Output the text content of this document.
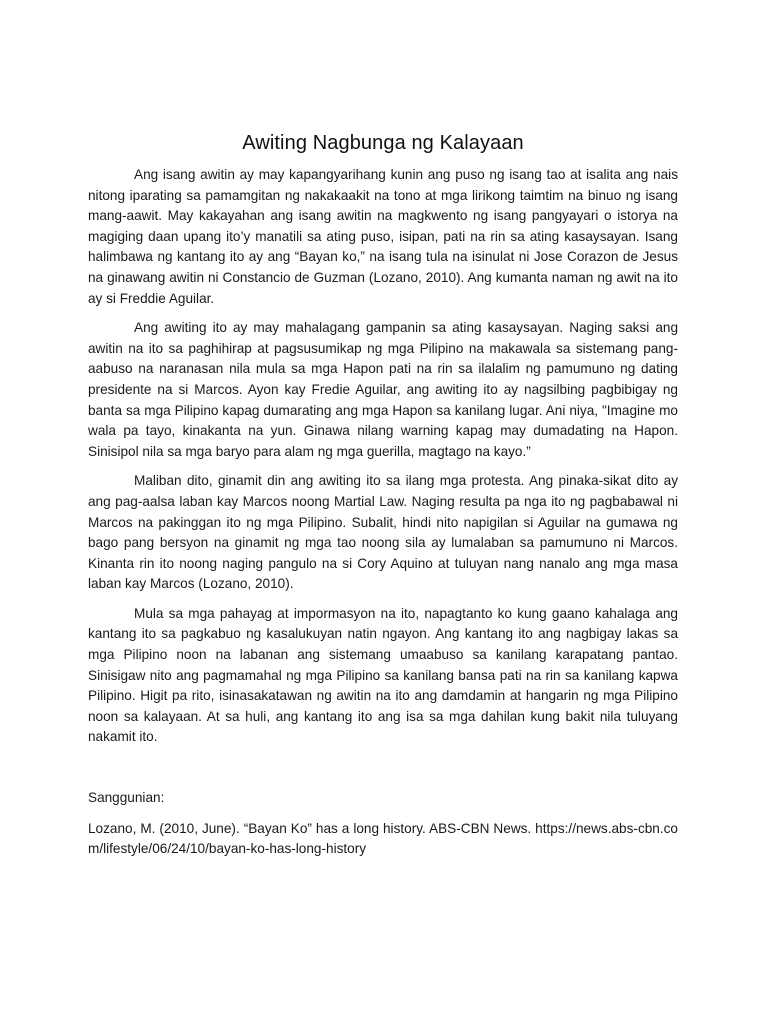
Awiting Nagbunga ng Kalayaan

Ang isang awitin ay may kapangyarihang kunin ang puso ng isang tao at isalita ang nais nitong iparating sa pamamgitan ng nakakaakit na tono at mga lirikong taimtim na binuo ng isang mang-aawit. May kakayahan ang isang awitin na magkwento ng isang pangyayari o istorya na magiging daan upang ito’y manatili sa ating puso, isipan, pati na rin sa ating kasaysayan. Isang halimbawa ng kantang ito ay ang “Bayan ko,” na isang tula na isinulat ni Jose Corazon de Jesus na ginawang awitin ni Constancio de Guzman (Lozano, 2010). Ang kumanta naman ng awit na ito ay si Freddie Aguilar.

Ang awiting ito ay may mahalagang gampanin sa ating kasaysayan. Naging saksi ang awitin na ito sa paghihirap at pagsusumikap ng mga Pilipino na makawala sa sistemang pang-aabuso na naranasan nila mula sa mga Hapon pati na rin sa ilalalim ng pamumuno ng dating presidente na si Marcos. Ayon kay Fredie Aguilar, ang awiting ito ay nagsilbing pagbibigay ng banta sa mga Pilipino kapag dumarating ang mga Hapon sa kanilang lugar. Ani niya, "Imagine mo wala pa tayo, kinakanta na yun. Ginawa nilang warning kapag may dumadating na Hapon. Sinisipol nila sa mga baryo para alam ng mga guerilla, magtago na kayo.”

Maliban dito, ginamit din ang awiting ito sa ilang mga protesta. Ang pinaka-sikat dito ay ang pag-aalsa laban kay Marcos noong Martial Law. Naging resulta pa nga ito ng pagbabawal ni Marcos na pakinggan ito ng mga Pilipino. Subalit, hindi nito napigilan si Aguilar na gumawa ng bago pang bersyon na ginamit ng mga tao noong sila ay lumalaban sa pamumuno ni Marcos. Kinanta rin ito noong naging pangulo na si Cory Aquino at tuluyan nang nanalo ang mga masa laban kay Marcos (Lozano, 2010).

Mula sa mga pahayag at impormasyon na ito, napagtanto ko kung gaano kahalaga ang kantang ito sa pagkabuo ng kasalukuyan natin ngayon. Ang kantang ito ang nagbigay lakas sa mga Pilipino noon na labanan ang sistemang umaabuso sa kanilang karapatang pantao. Sinisigaw nito ang pagmamahal ng mga Pilipino sa kanilang bansa pati na rin sa kanilang kapwa Pilipino. Higit pa rito, isinasakatawan ng awitin na ito ang damdamin at hangarin ng mga Pilipino noon sa kalayaan. At sa huli, ang kantang ito ang isa sa mga dahilan kung bakit nila tuluyang nakamit ito.

Sanggunian:

Lozano, M. (2010, June). “Bayan Ko” has a long history. ABS-CBN News. https://news.abs-cbn.com/lifestyle/06/24/10/bayan-ko-has-long-history
